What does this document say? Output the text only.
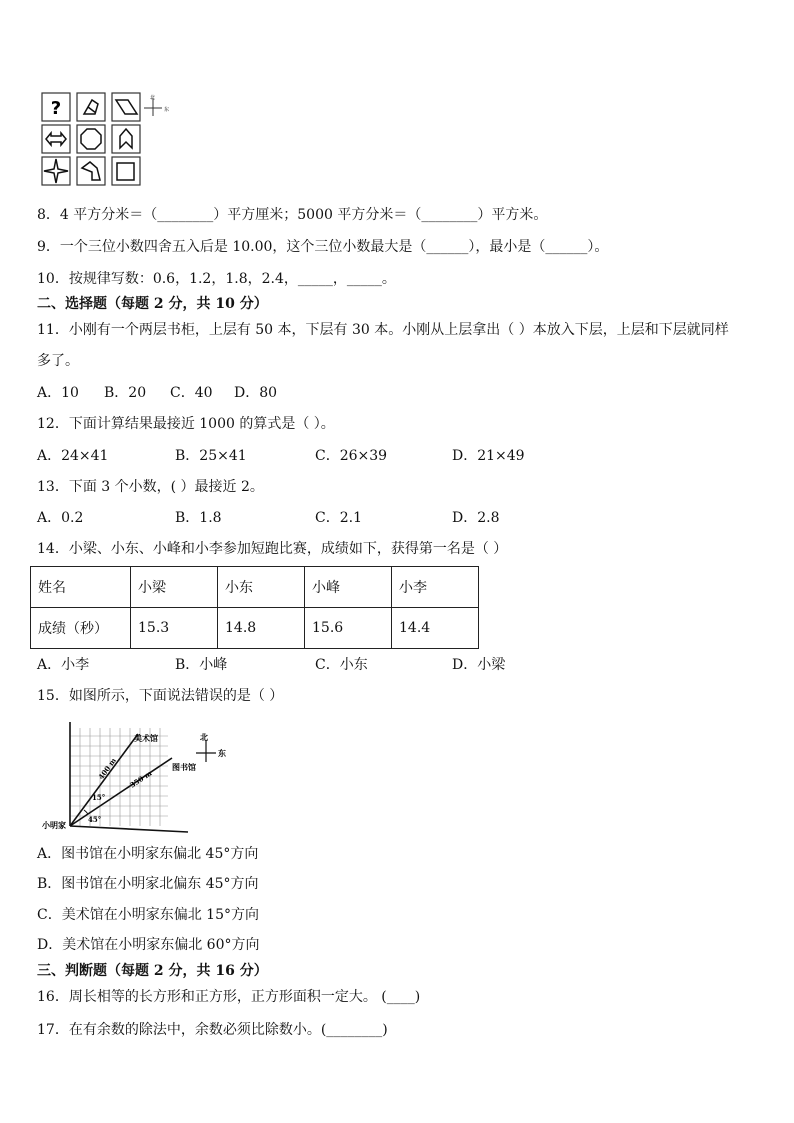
?	北
东
8．4 平方分米＝（________）平方厘米；5000 平方分米＝（________）平方米。
9．一个三位小数四舍五入后是 10.00，这个三位小数最大是（______），最小是（______）。
10．按规律写数：0.6，1.2，1.8，2.4，_____，_____。
二、选择题（每题 2 分，共 10 分）
11．小刚有一个两层书柜，上层有 50 本，下层有 30 本。小刚从上层拿出（ ）本放入下层，上层和下层就同样
多了。
A．10 B．20 C．40 D．80
12．下面计算结果最接近 1000 的算式是（ ）。
A．24×41	B．25×41	C．26×39	D．21×49
13．下面 3 个小数，( ）最接近 2。
A．0.2	B．1.8	C．2.1	D．2.8
14．小梁、小东、小峰和小李参加短跑比赛，成绩如下，获得第一名是（ ）
姓名	小梁	小东	小峰	小李
成绩（秒）	15.3	14.8	15.6	14.4
A．小李	B．小峰	C．小东	D．小梁
15．如图所示，下面说法错误的是（ ）
美术馆
图书馆
小明家
400 m 350 m
15°
45°
北
东
A．图书馆在小明家东偏北 45°方向
B．图书馆在小明家北偏东 45°方向
C．美术馆在小明家东偏北 15°方向
D．美术馆在小明家东偏北 60°方向
三、判断题（每题 2 分，共 16 分）
16．周长相等的长方形和正方形，正方形面积一定大。 (____)
17．在有余数的除法中，余数必须比除数小。(________)
